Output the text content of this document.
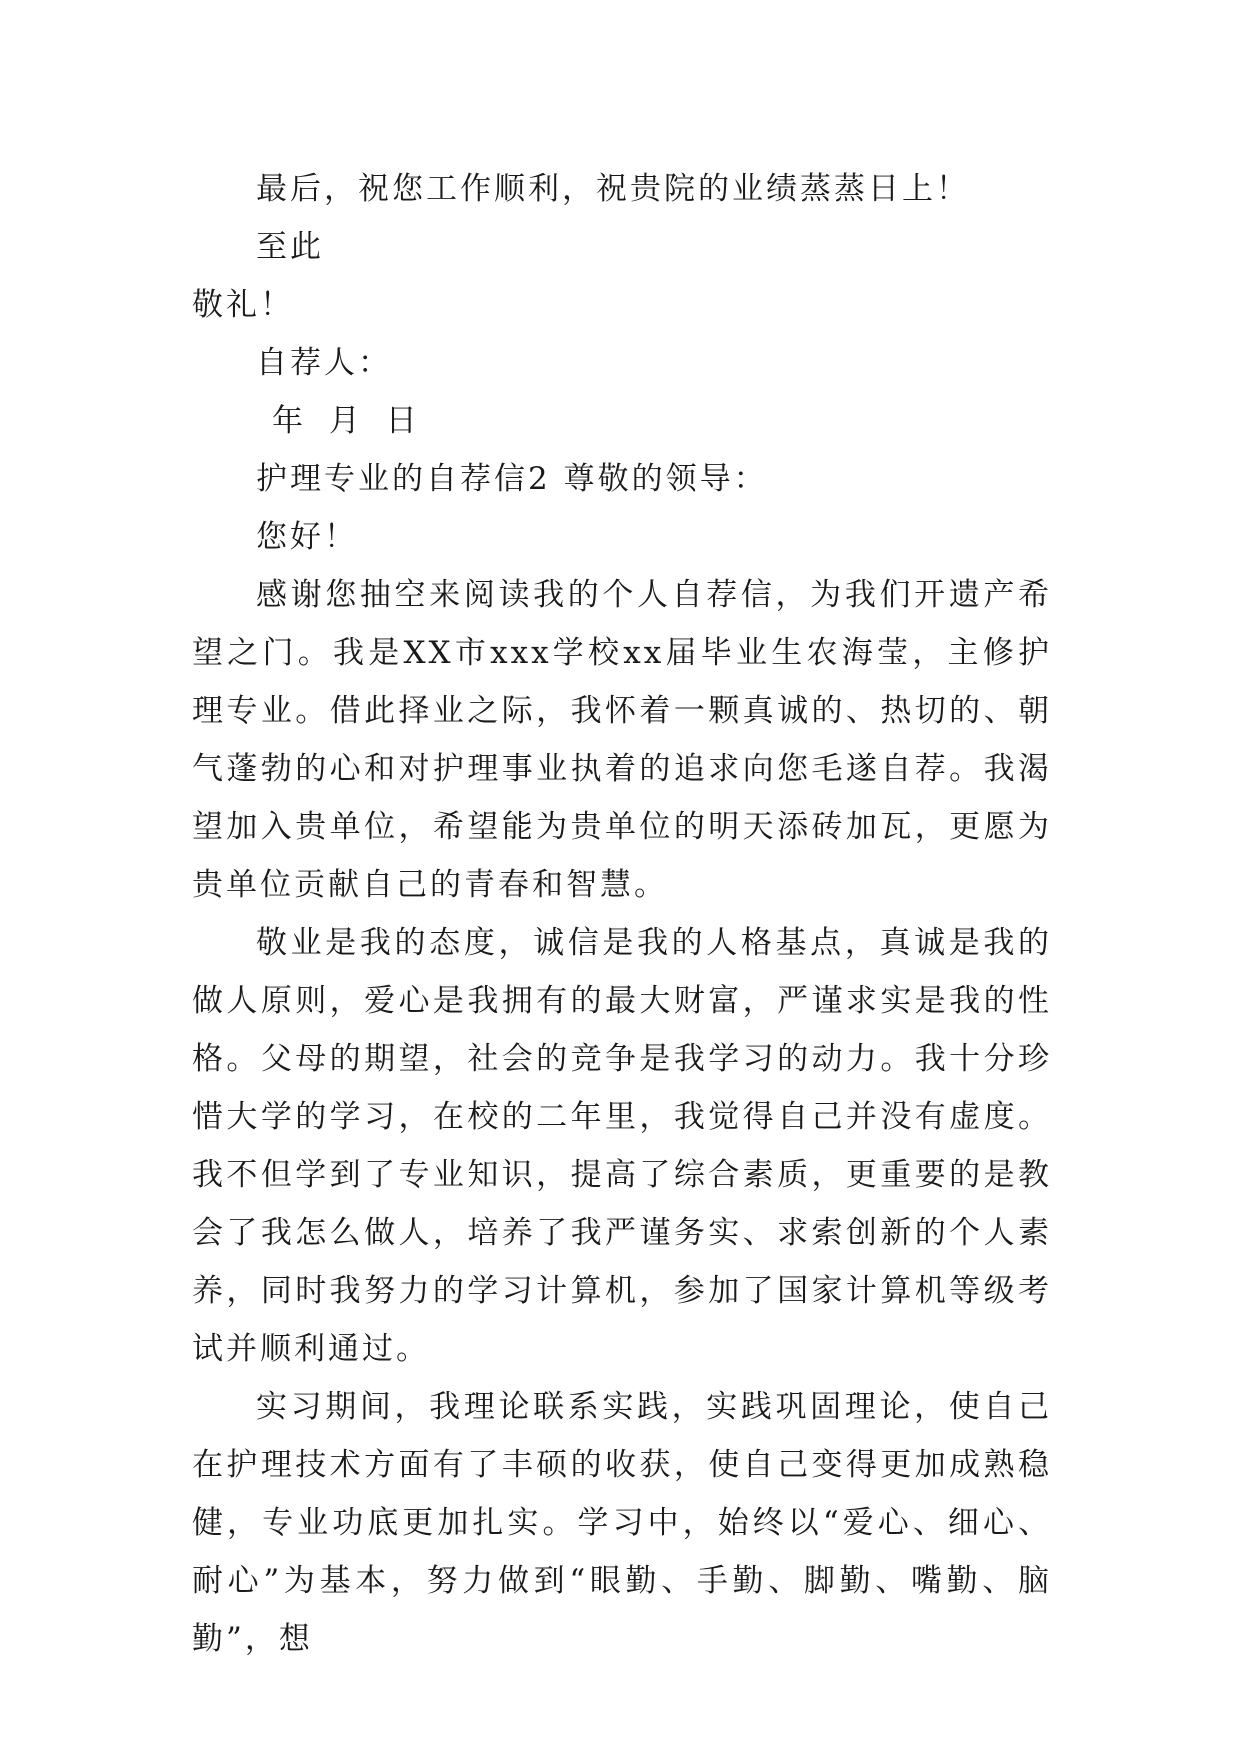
最后，祝您工作顺利，祝贵院的业绩蒸蒸日上！
至此
敬礼！
自荐人：
年 月 日
护理专业的自荐信2 尊敬的领导：
您好！

感谢您抽空来阅读我的个人自荐信，为我们开遗产希望之门。我是XX市xxx学校xx届毕业生农海莹，主修护理专业。借此择业之际，我怀着一颗真诚的、热切的、朝气蓬勃的心和对护理事业执着的追求向您毛遂自荐。我渴望加入贵单位，希望能为贵单位的明天添砖加瓦，更愿为贵单位贡献自己的青春和智慧。

敬业是我的态度，诚信是我的人格基点，真诚是我的做人原则，爱心是我拥有的最大财富，严谨求实是我的性格。父母的期望，社会的竞争是我学习的动力。我十分珍惜大学的学习，在校的二年里，我觉得自己并没有虚度。我不但学到了专业知识，提高了综合素质，更重要的是教会了我怎么做人，培养了我严谨务实、求索创新的个人素养，同时我努力的学习计算机，参加了国家计算机等级考试并顺利通过。

实习期间，我理论联系实践，实践巩固理论，使自己在护理技术方面有了丰硕的收获，使自己变得更加成熟稳健，专业功底更加扎实。学习中，始终以“爱心、细心、耐心”为基本，努力做到“眼勤、手勤、脚勤、嘴勤、脑勤”，想
